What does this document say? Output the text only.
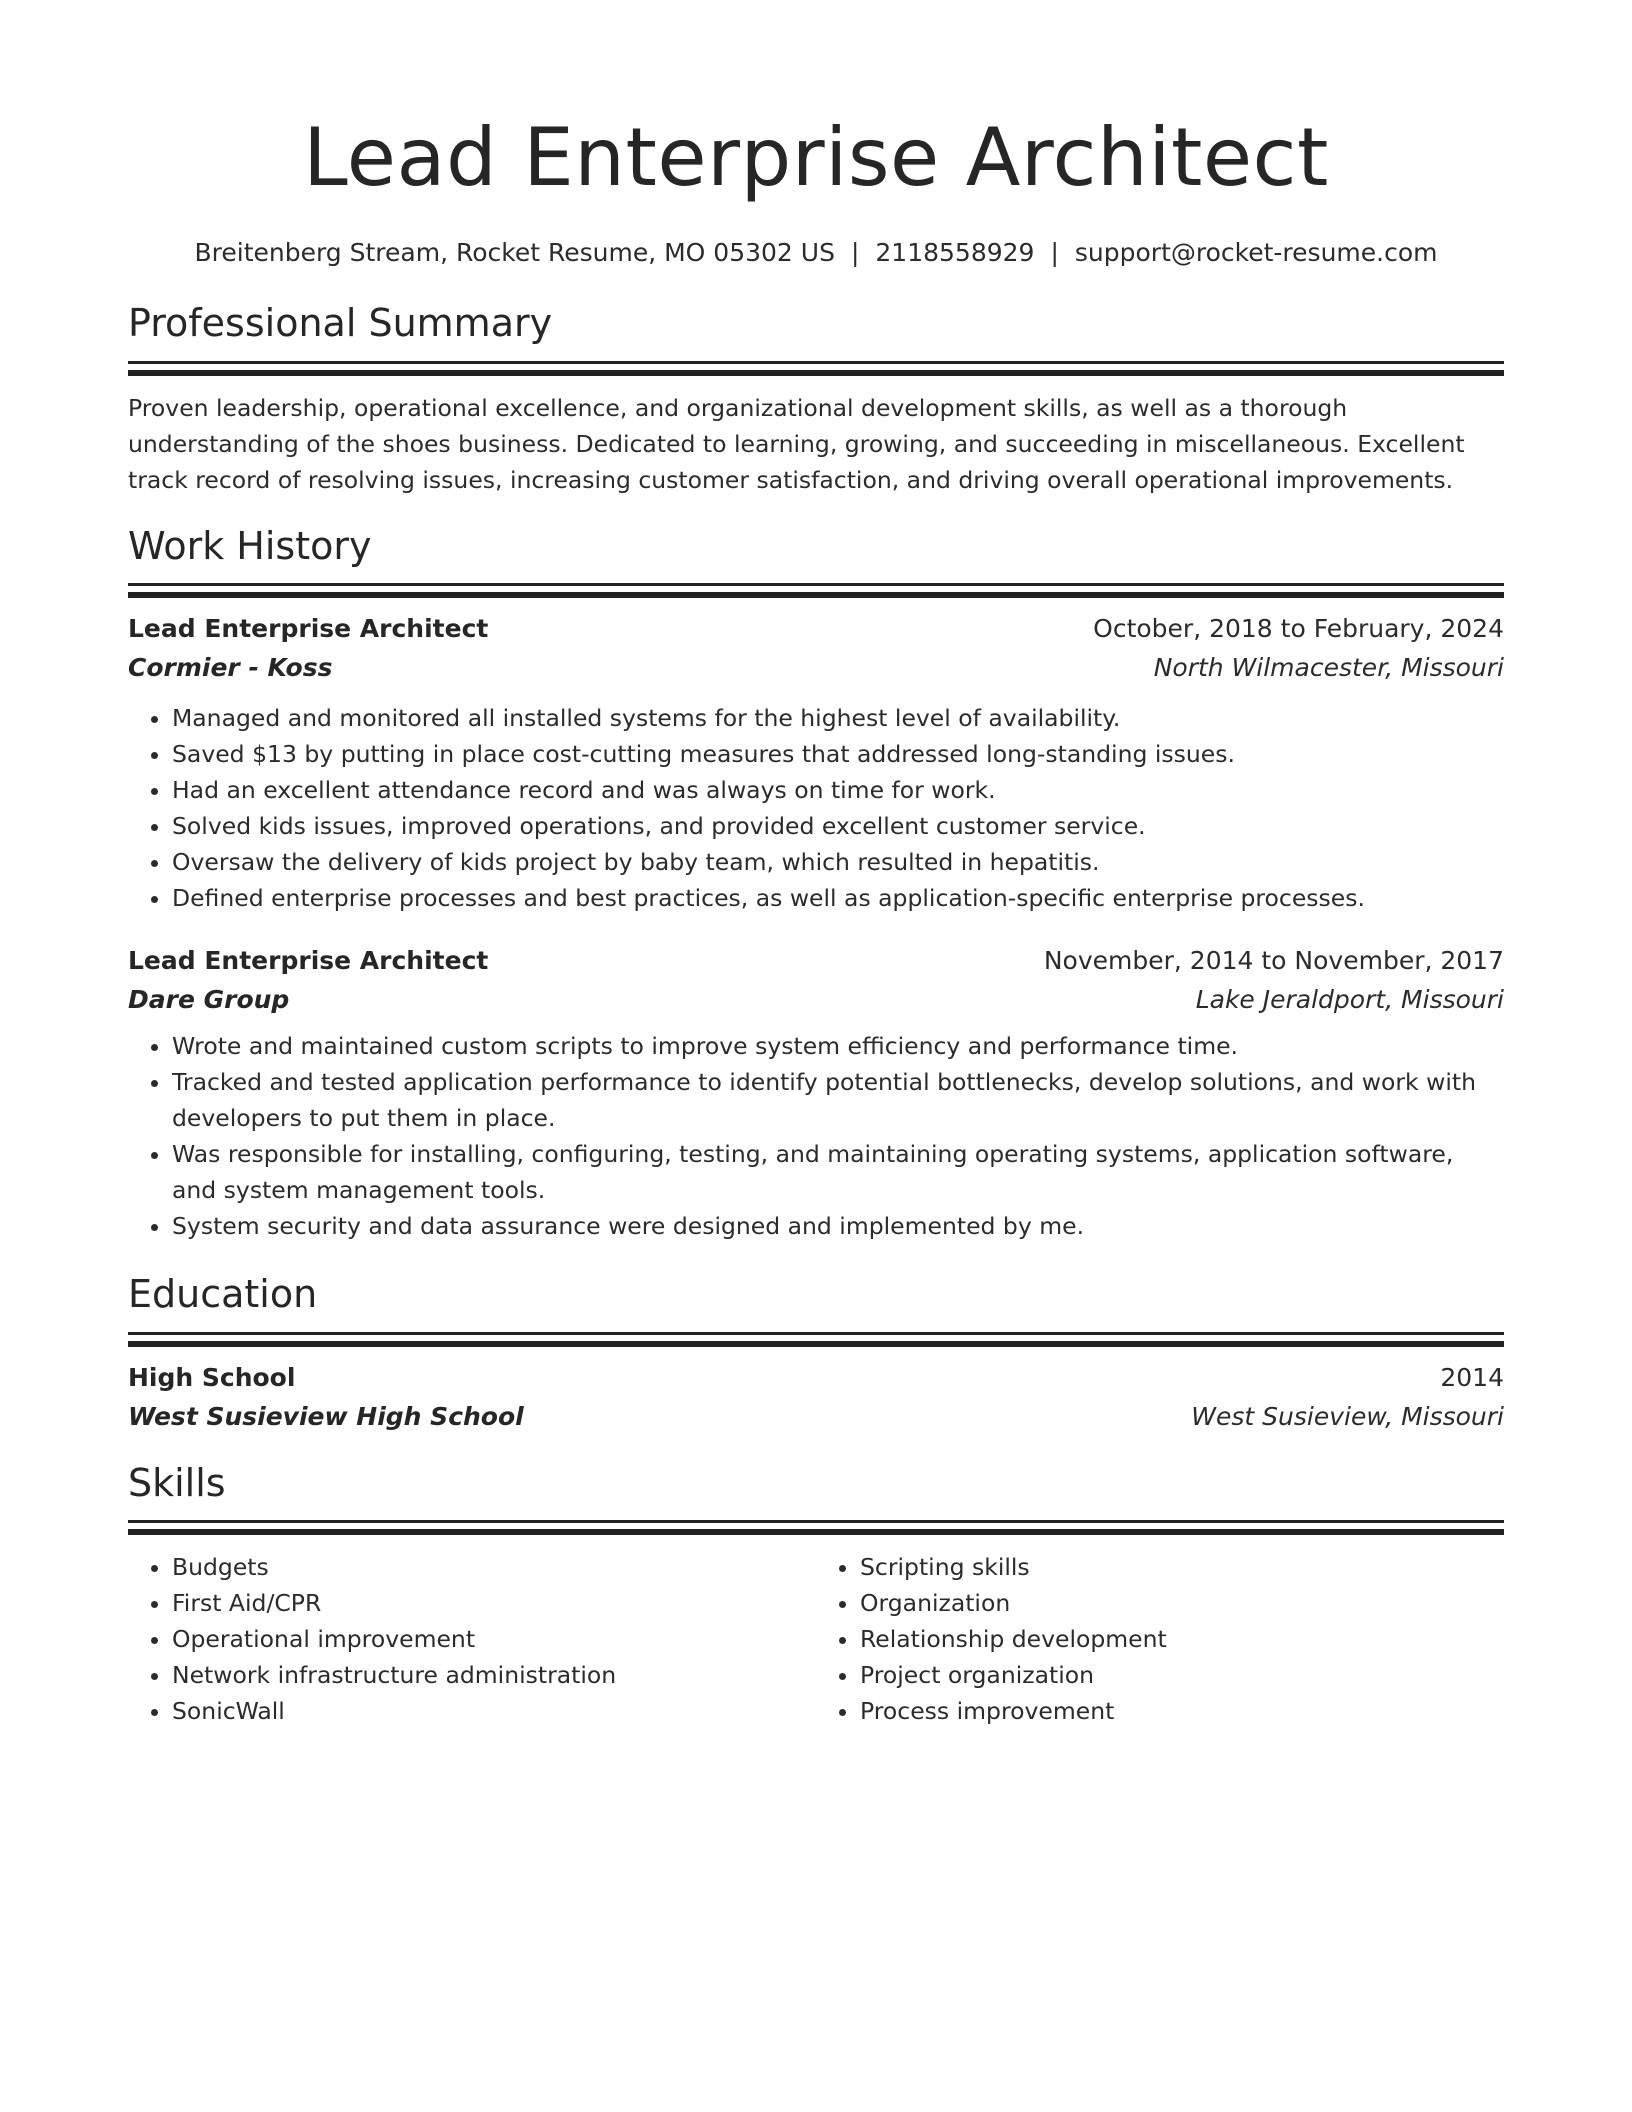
Lead Enterprise Architect
Breitenberg Stream, Rocket Resume, MO 05302 US | 2118558929 | support@rocket-resume.com
Professional Summary
Proven leadership, operational excellence, and organizational development skills, as well as a thorough understanding of the shoes business. Dedicated to learning, growing, and succeeding in miscellaneous. Excellent track record of resolving issues, increasing customer satisfaction, and driving overall operational improvements.
Work History
Lead Enterprise Architect	October, 2018 to February, 2024
Cormier - Koss	North Wilmacester, Missouri
• Managed and monitored all installed systems for the highest level of availability.
• Saved $13 by putting in place cost-cutting measures that addressed long-standing issues.
• Had an excellent attendance record and was always on time for work.
• Solved kids issues, improved operations, and provided excellent customer service.
• Oversaw the delivery of kids project by baby team, which resulted in hepatitis.
• Defined enterprise processes and best practices, as well as application-specific enterprise processes.
Lead Enterprise Architect	November, 2014 to November, 2017
Dare Group	Lake Jeraldport, Missouri
• Wrote and maintained custom scripts to improve system efficiency and performance time.
• Tracked and tested application performance to identify potential bottlenecks, develop solutions, and work with developers to put them in place.
• Was responsible for installing, configuring, testing, and maintaining operating systems, application software, and system management tools.
• System security and data assurance were designed and implemented by me.
Education
High School	2014
West Susieview High School	West Susieview, Missouri
Skills
• Budgets
• First Aid/CPR
• Operational improvement
• Network infrastructure administration
• SonicWall
• Scripting skills
• Organization
• Relationship development
• Project organization
• Process improvement
